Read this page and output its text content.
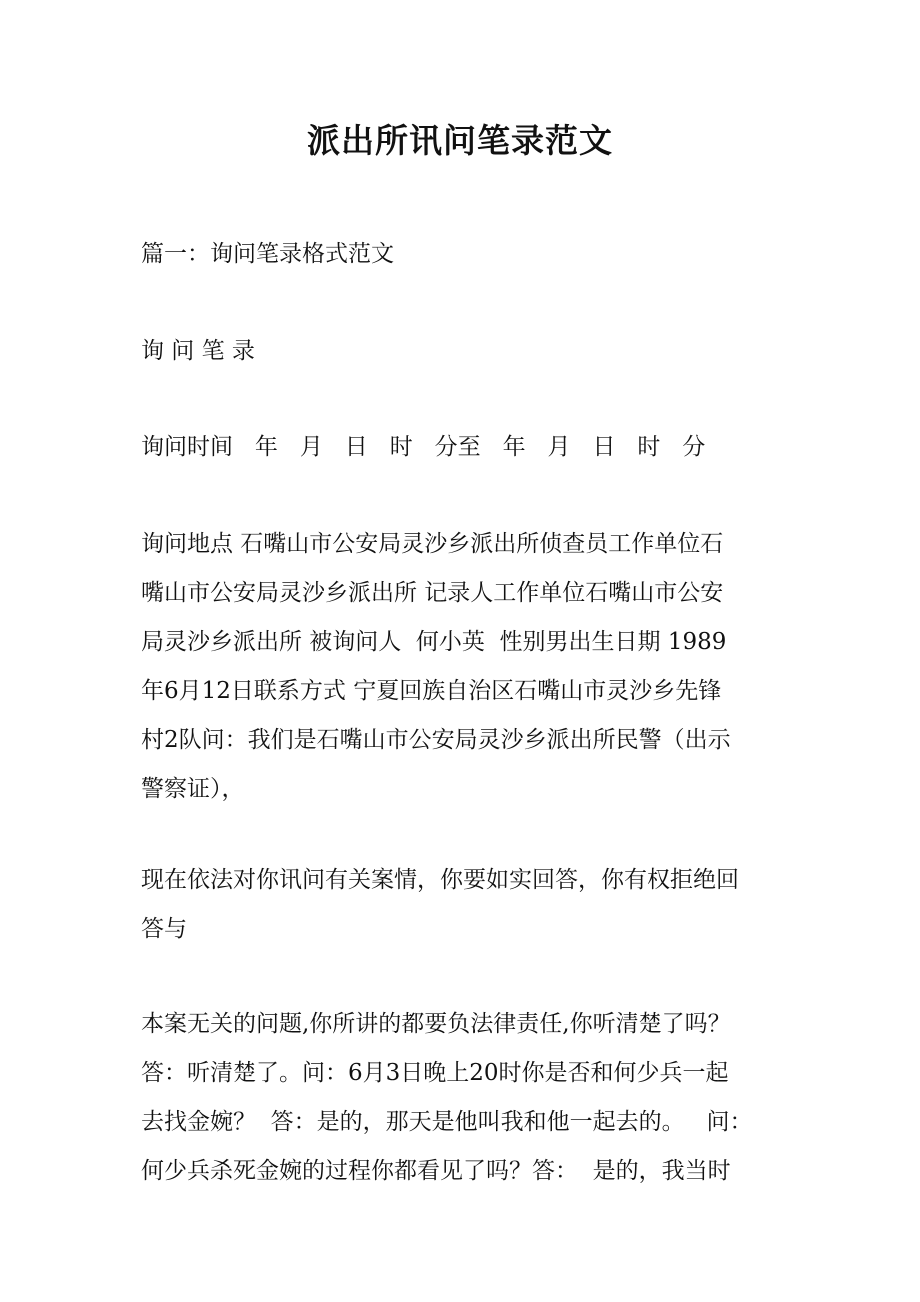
派出所讯问笔录范文

篇一：询问笔录格式范文

询 问 笔 录

询问时间   年   月   日   时   分至   年   月   日   时   分

询问地点 石嘴山市公安局灵沙乡派出所侦查员工作单位石
嘴山市公安局灵沙乡派出所 记录人工作单位石嘴山市公安
局灵沙乡派出所 被询问人  何小英  性别男出生日期 1989
年6月12日联系方式 宁夏回族自治区石嘴山市灵沙乡先锋
村2队问：我们是石嘴山市公安局灵沙乡派出所民警（出示
警察证），
现在依法对你讯问有关案情，你要如实回答，你有权拒绝回
答与
本案无关的问题,你所讲的都要负法律责任,你听清楚了吗？
答：听清楚了。问：6月3日晚上20时你是否和何少兵一起
去找金婉？  答：是的，那天是他叫我和他一起去的。   问：
何少兵杀死金婉的过程你都看见了吗？答：  是的，我当时
